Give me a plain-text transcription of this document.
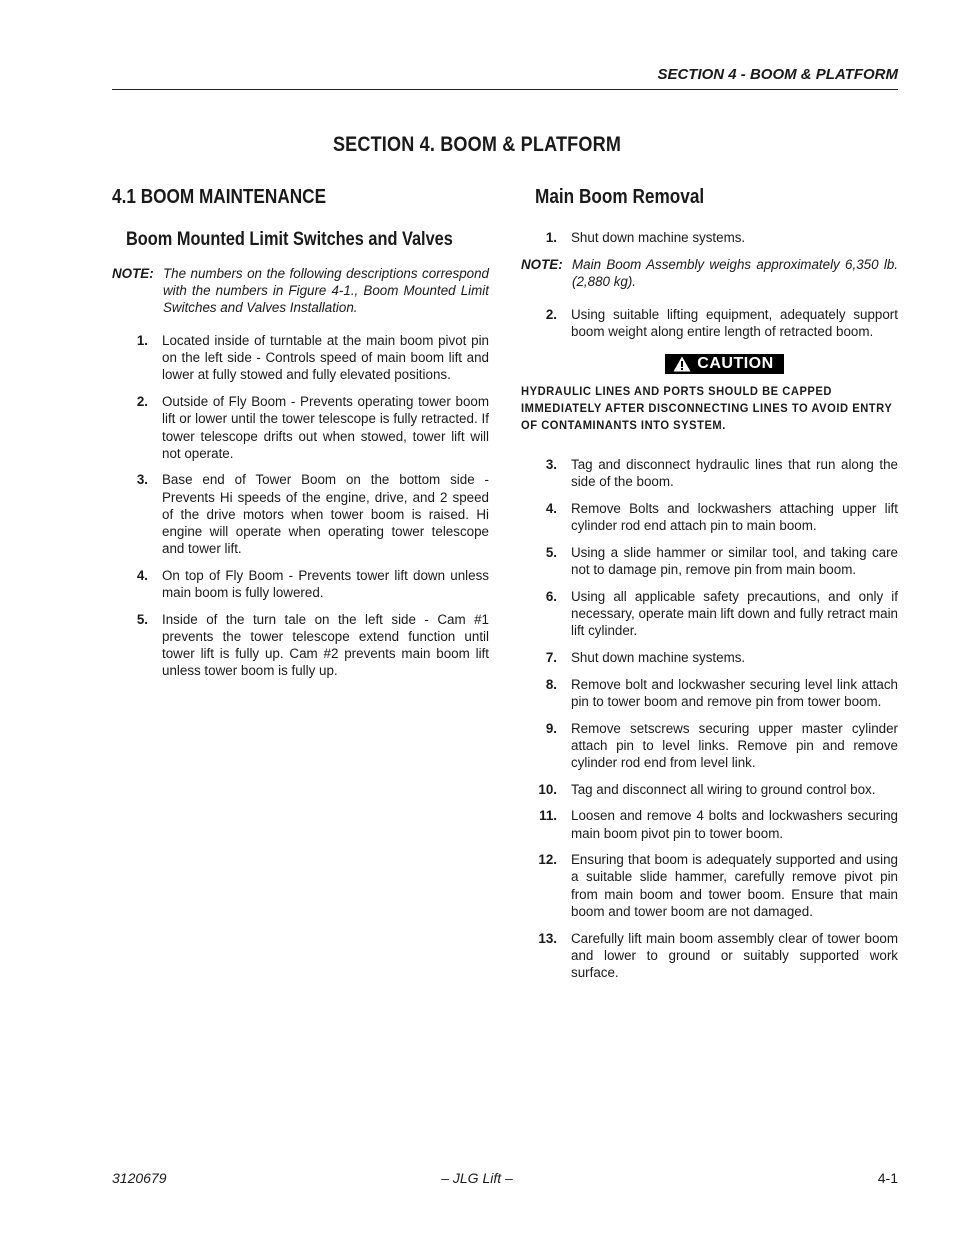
SECTION 4 - BOOM & PLATFORM
SECTION 4. BOOM & PLATFORM
4.1 BOOM MAINTENANCE
Boom Mounted Limit Switches and Valves
NOTE: The numbers on the following descriptions correspond with the numbers in Figure 4-1., Boom Mounted Limit Switches and Valves Installation.
1.	Located inside of turntable at the main boom pivot pin on the left side - Controls speed of main boom lift and lower at fully stowed and fully elevated positions.
2.	Outside of Fly Boom - Prevents operating tower boom lift or lower until the tower telescope is fully retracted. If tower telescope drifts out when stowed, tower lift will not operate.
3.	Base end of Tower Boom on the bottom side - Prevents Hi speeds of the engine, drive, and 2 speed of the drive motors when tower boom is raised. Hi engine will operate when operating tower telescope and tower lift.
4.	On top of Fly Boom - Prevents tower lift down unless main boom is fully lowered.
5.	Inside of the turn tale on the left side - Cam #1 prevents the tower telescope extend function until tower lift is fully up. Cam #2 prevents main boom lift unless tower boom is fully up.
Main Boom Removal
1.	Shut down machine systems.
NOTE: Main Boom Assembly weighs approximately 6,350 lb. (2,880 kg).
2.	Using suitable lifting equipment, adequately support boom weight along entire length of retracted boom.
CAUTION
HYDRAULIC LINES AND PORTS SHOULD BE CAPPED IMMEDIATELY AFTER DISCONNECTING LINES TO AVOID ENTRY OF CONTAMINANTS INTO SYSTEM.
3.	Tag and disconnect hydraulic lines that run along the side of the boom.
4.	Remove Bolts and lockwashers attaching upper lift cylinder rod end attach pin to main boom.
5.	Using a slide hammer or similar tool, and taking care not to damage pin, remove pin from main boom.
6.	Using all applicable safety precautions, and only if necessary, operate main lift down and fully retract main lift cylinder.
7.	Shut down machine systems.
8.	Remove bolt and lockwasher securing level link attach pin to tower boom and remove pin from tower boom.
9.	Remove setscrews securing upper master cylinder attach pin to level links. Remove pin and remove cylinder rod end from level link.
10.	Tag and disconnect all wiring to ground control box.
11.	Loosen and remove 4 bolts and lockwashers securing main boom pivot pin to tower boom.
12.	Ensuring that boom is adequately supported and using a suitable slide hammer, carefully remove pivot pin from main boom and tower boom. Ensure that main boom and tower boom are not damaged.
13.	Carefully lift main boom assembly clear of tower boom and lower to ground or suitably supported work surface.
3120679	– JLG Lift –	4-1
